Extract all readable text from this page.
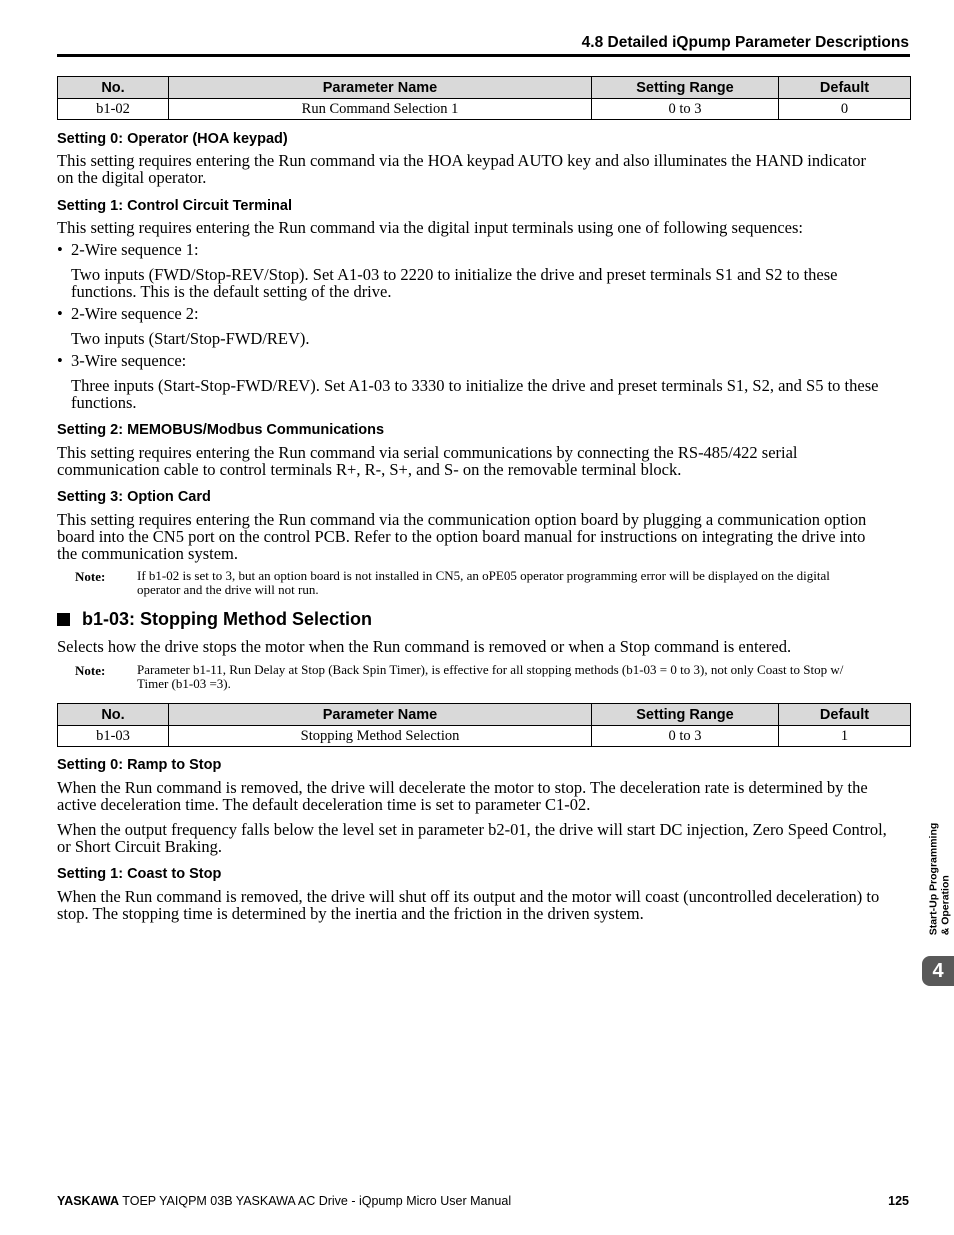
4.8 Detailed iQpump Parameter Descriptions
No.	Parameter Name	Setting Range	Default
b1-02	Run Command Selection 1	0 to 3	0
Setting 0: Operator (HOA keypad)
This setting requires entering the Run command via the HOA keypad AUTO key and also illuminates the HAND indicator
on the digital operator.
Setting 1: Control Circuit Terminal
This setting requires entering the Run command via the digital input terminals using one of following sequences:
• 2-Wire sequence 1:
Two inputs (FWD/Stop-REV/Stop). Set A1-03 to 2220 to initialize the drive and preset terminals S1 and S2 to these
functions. This is the default setting of the drive.
• 2-Wire sequence 2:
Two inputs (Start/Stop-FWD/REV).
• 3-Wire sequence:
Three inputs (Start-Stop-FWD/REV). Set A1-03 to 3330 to initialize the drive and preset terminals S1, S2, and S5 to these
functions.
Setting 2: MEMOBUS/Modbus Communications
This setting requires entering the Run command via serial communications by connecting the RS-485/422 serial
communication cable to control terminals R+, R-, S+, and S- on the removable terminal block.
Setting 3: Option Card
This setting requires entering the Run command via the communication option board by plugging a communication option
board into the CN5 port on the control PCB. Refer to the option board manual for instructions on integrating the drive into
the communication system.
Note: If b1-02 is set to 3, but an option board is not installed in CN5, an oPE05 operator programming error will be displayed on the digital
operator and the drive will not run.
b1-03: Stopping Method Selection
Selects how the drive stops the motor when the Run command is removed or when a Stop command is entered.
Note: Parameter b1-11, Run Delay at Stop (Back Spin Timer), is effective for all stopping methods (b1-03 = 0 to 3), not only Coast to Stop w/
Timer (b1-03 =3).
No.	Parameter Name	Setting Range	Default
b1-03	Stopping Method Selection	0 to 3	1
Setting 0: Ramp to Stop
When the Run command is removed, the drive will decelerate the motor to stop. The deceleration rate is determined by the
active deceleration time. The default deceleration time is set to parameter C1-02.
When the output frequency falls below the level set in parameter b2-01, the drive will start DC injection, Zero Speed Control,
or Short Circuit Braking.
Setting 1: Coast to Stop
When the Run command is removed, the drive will shut off its output and the motor will coast (uncontrolled deceleration) to
stop. The stopping time is determined by the inertia and the friction in the driven system.	Start-Up Programming & Operation
4
YASKAWA TOEP YAIQPM 03B YASKAWA AC Drive - iQpump Micro User Manual	125
